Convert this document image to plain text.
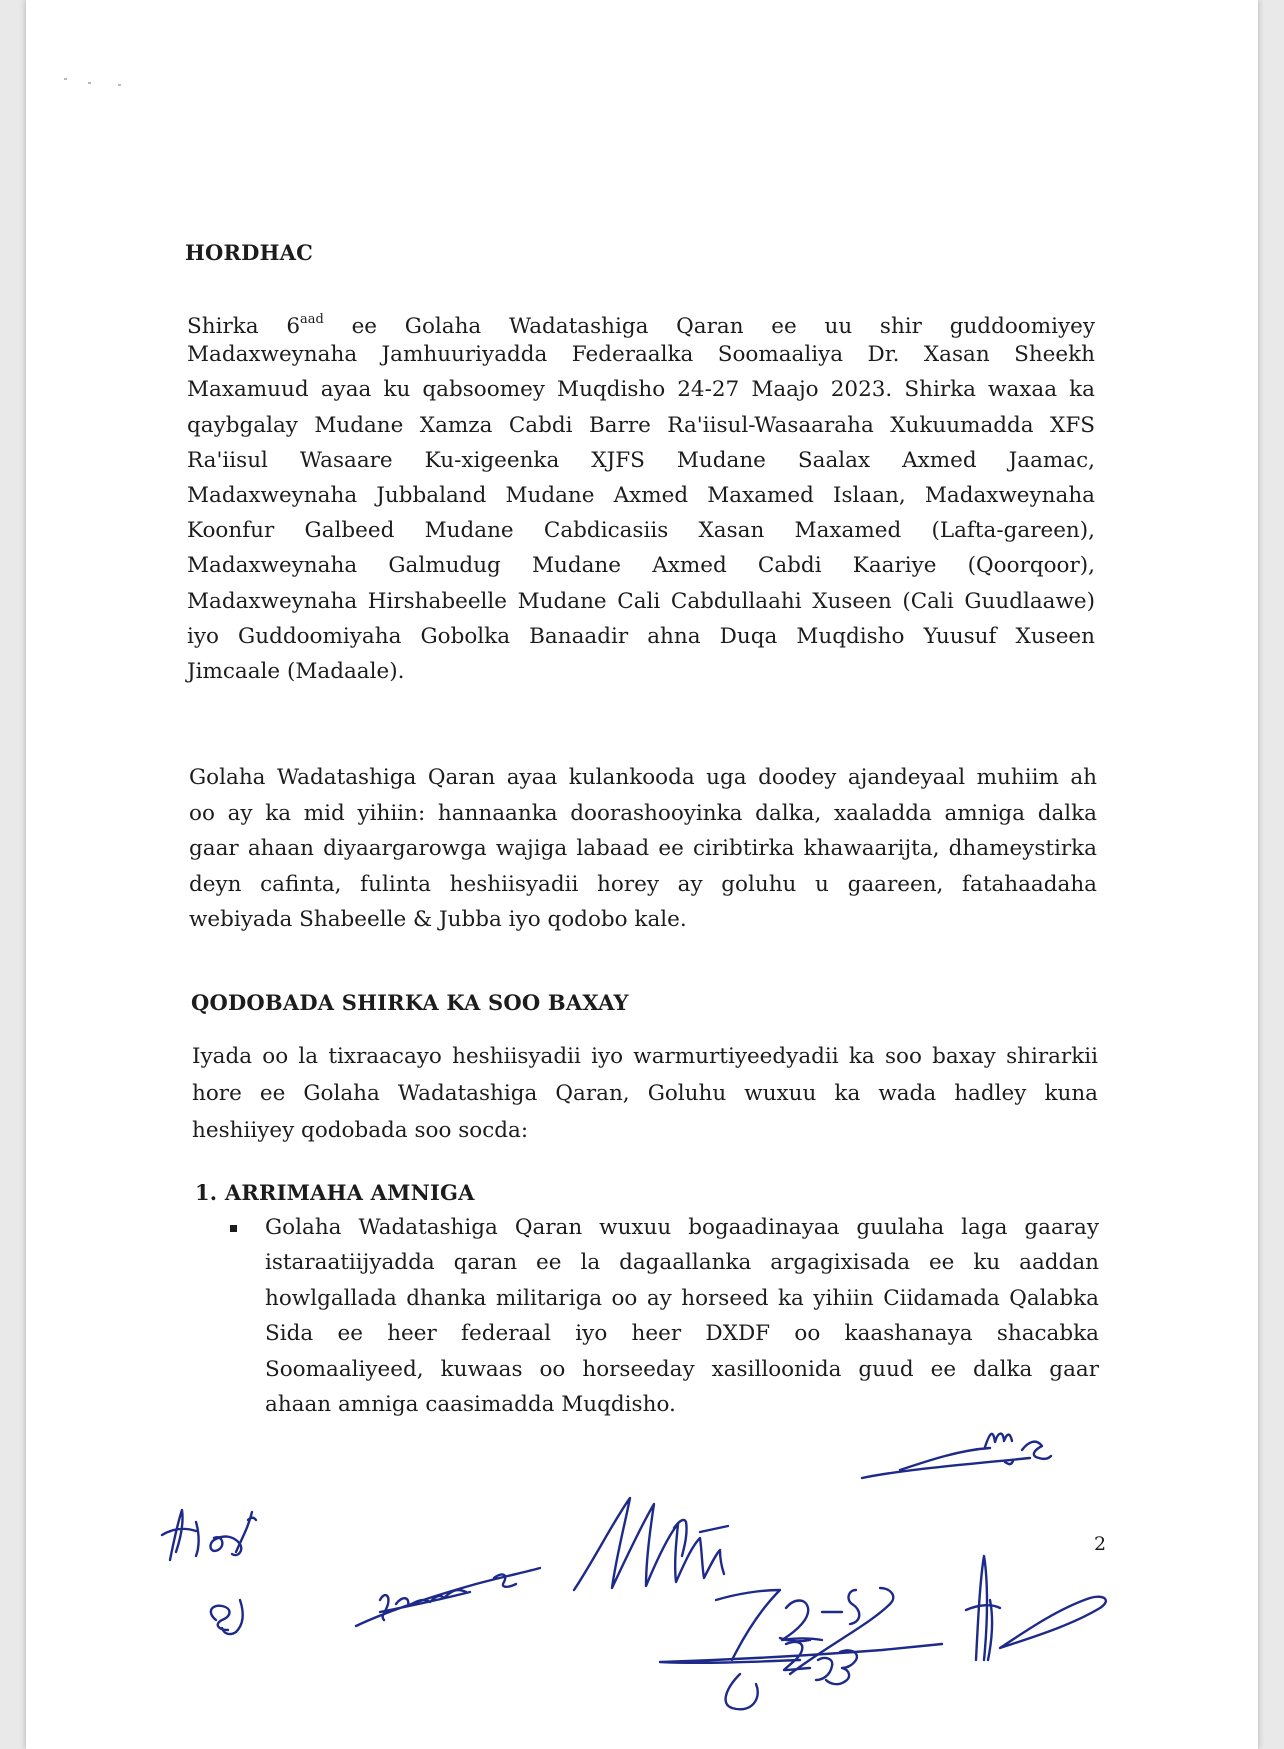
HORDHAC
Shirka $6^{aad}$ ee Golaha Wadatashiga Qaran ee uu shir guddoomiyey
Madaxweynaha Jamhuuriyadda Federaalka Soomaaliya Dr. Xasan Sheekh
Maxamuud ayaa ku qabsoomey Muqdisho 24-27 Maajo 2023. Shirka waxaa ka
qaybgalay Mudane Xamza Cabdi Barre Ra'iisul-Wasaaraha Xukuumadda XFS
Ra'iisul Wasaare Ku-xigeenka XJFS Mudane Saalax Axmed Jaamac,
Madaxweynaha Jubbaland Mudane Axmed Maxamed Islaan, Madaxweynaha
Koonfur Galbeed Mudane Cabdicasiis Xasan Maxamed (Lafta-gareen),
Madaxweynaha Galmudug Mudane Axmed Cabdi Kaariye (Qoorqoor),
Madaxweynaha Hirshabeelle Mudane Cali Cabdullaahi Xuseen (Cali Guudlaawe)
iyo Guddoomiyaha Gobolka Banaadir ahna Duqa Muqdisho Yuusuf Xuseen
Jimcaale (Madaale).
Golaha Wadatashiga Qaran ayaa kulankooda uga doodey ajandeyaal muhiim ah
oo ay ka mid yihiin: hannaanka doorashooyinka dalka, xaaladda amniga dalka
gaar ahaan diyaargarowga wajiga labaad ee ciribtirka khawaarijta, dhameystirka
deyn cafinta, fulinta heshiisyadii horey ay goluhu u gaareen, fatahaadaha
webiyada Shabeelle & Jubba iyo qodobo kale.
QODOBADA SHIRKA KA SOO BAXAY
Iyada oo la tixraacayo heshiisyadii iyo warmurtiyeedyadii ka soo baxay shirarkii
hore ee Golaha Wadatashiga Qaran, Goluhu wuxuu ka wada hadley kuna
heshiiyey qodobada soo socda:
1. ARRIMAHA AMNIGA
Golaha Wadatashiga Qaran wuxuu bogaadinayaa guulaha laga gaaray
istaraatiijyadda qaran ee la dagaallanka argagixisada ee ku aaddan
howlgallada dhanka militariga oo ay horseed ka yihiin Ciidamada Qalabka
Sida ee heer federaal iyo heer DXDF oo kaashanaya shacabka
Soomaaliyeed, kuwaas oo horseeday xasilloonida guud ee dalka gaar
ahaan amniga caasimadda Muqdisho.
2
